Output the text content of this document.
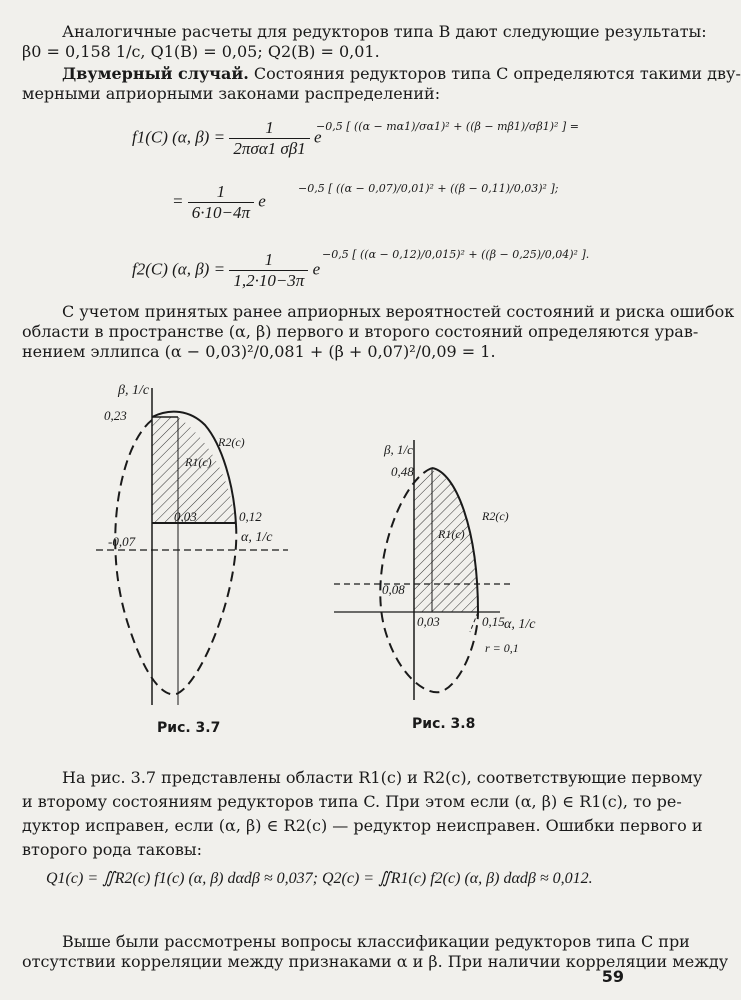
Аналогичные расчеты для редукторов типа B дают следующие результаты:
β0 = 0,158 1/с, Q1(B) = 0,05; Q2(B) = 0,01.
Двумерный случай. Состояния редукторов типа C определяются такими дву-
мерными априорными законами распределений:
f1(C) (α, $\beta) = \frac{1}{\text{2πσα1 σβ1}}$ e
−0,5 [ ((α − mα1)/σα1)² + ((β − mβ1)/σβ1)² ] =
= $\frac{1}{6\cdot 10-4\pi}$ e
−0,5 [ ((α − 0,07)/0,01)² + ((β − 0,11)/0,03)² ];
f2(C) (α, $\beta) = \frac{1}{1,2\cdot 10-3\pi}$ e
−0,5 [ ((α − 0,12)/0,015)² + ((β − 0,25)/0,04)² ].
С учетом принятых ранее априорных вероятностей состояний и риска ошибок
области в пространстве (α, β) первого и второго состояний определяются урав-
нением эллипса (α − 0,03)²/0,081 + (β + 0,07)²/0,09 = 1.
β, 1/с
0,23
-0,07
0,03	0,12
α, 1/с
R1(c)
R2(c)	β, 1/с
0,48
0,08
0,03	0,15 α, 1/с
r = 0,1
R1(c)
R2(c)
Рис. 3.7	Рис. 3.8
На рис. 3.7 представлены области R1(c) и R2(c), соответствующие первому
и второму состояниям редукторов типа C. При этом если (α, β) ∈ R1(c), то ре-
дуктор исправен, если (α, β) ∈ R2(c) — редуктор неисправен. Ошибки первого и
второго рода таковы:
Q1(c) = ∬R2(c) f1(c) (α, β) dαdβ ≈ 0,037; Q2(c) = ∬R1(c) f2(c) (α, β) dαdβ ≈ 0,012.
Выше были рассмотрены вопросы классификации редукторов типа C при
отсутствии корреляции между признаками α и β. При наличии корреляции между
59
